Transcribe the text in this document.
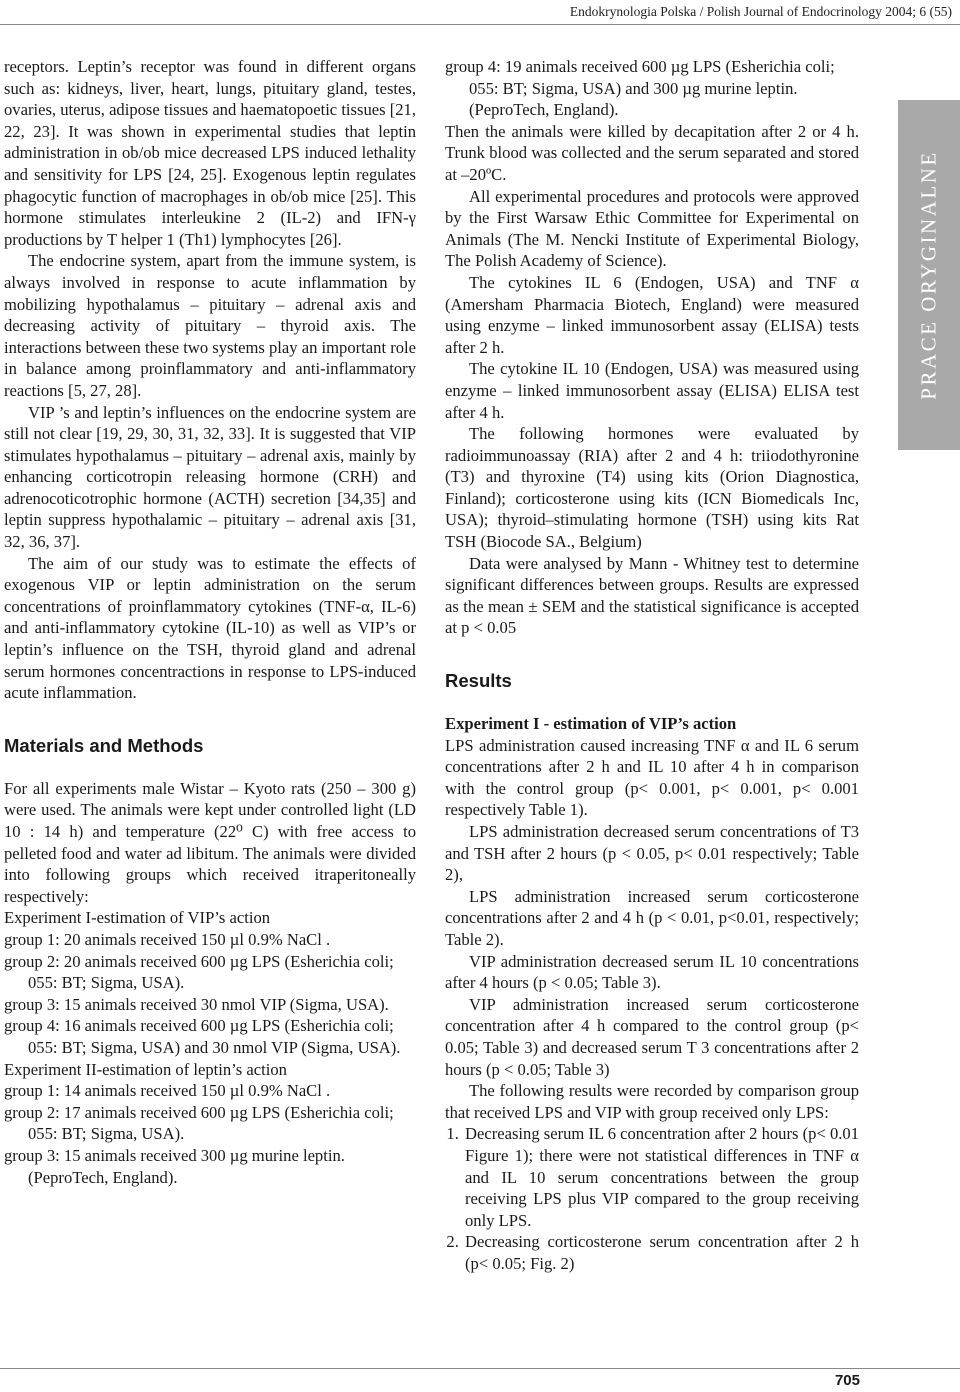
Endokrynologia Polska / Polish Journal of Endocrinology 2004; 6 (55)

receptors. Leptin’s receptor was found in different organs such as: kidneys, liver, heart, lungs, pituitary gland, testes, ovaries, uterus, adipose tissues and haematopoetic tissues [21, 22, 23]. It was shown in experimental studies that leptin administration in ob/ob mice decreased LPS induced lethality and sensitivity for LPS [24, 25]. Exogenous leptin regulates phagocytic function of macrophages in ob/ob mice [25]. This hormone stimulates interleukine 2 (IL-2) and IFN-γ productions by T helper 1 (Th1) lymphocytes [26].

The endocrine system, apart from the immune system, is always involved in response to acute inflammation by mobilizing hypothalamus – pituitary – adrenal axis and decreasing activity of pituitary – thyroid axis. The interactions between these two systems play an important role in balance among proinflammatory and anti-inflammatory reactions [5, 27, 28].

VIP ’s and leptin’s influences on the endocrine system are still not clear [19, 29, 30, 31, 32, 33]. It is suggested that VIP stimulates hypothalamus – pituitary – adrenal axis, mainly by enhancing corticotropin releasing hormone (CRH) and adrenocoticotrophic hormone (ACTH) secretion [34,35] and leptin suppress hypothalamic – pituitary – adrenal axis [31, 32, 36, 37].

The aim of our study was to estimate the effects of exogenous VIP or leptin administration on the serum concentrations of proinflammatory cytokines (TNF-α, IL-6) and anti-inflammatory cytokine (IL-10) as well as VIP’s or leptin’s influence on the TSH, thyroid gland and adrenal serum hormones concentractions in response to LPS-induced acute inflammation.

Materials and Methods

For all experiments male Wistar – Kyoto rats (250 – 300 g) were used. The animals were kept under controlled light (LD 10 : 14 h) and temperature (22⁰ C) with free access to pelleted food and water ad libitum. The animals were divided into following groups which received itraperitoneally respectively:

Experiment I-estimation of VIP’s action

group 1: 20 animals received 150 µl 0.9% NaCl .

group 2: 20 animals received 600 µg LPS (Esherichia coli; 055: BT; Sigma, USA).

group 3: 15 animals received 30 nmol VIP (Sigma, USA).

group 4: 16 animals received 600 µg LPS (Esherichia coli; 055: BT; Sigma, USA) and 30 nmol VIP (Sigma, USA).

Experiment II-estimation of leptin’s action

group 1: 14 animals received 150 µl 0.9% NaCl .

group 2: 17 animals received 600 µg LPS (Esherichia coli; 055: BT; Sigma, USA).

group 3: 15 animals received 300 µg murine leptin. (PeproTech, England).

group 4: 19 animals received 600 µg LPS (Esherichia coli; 055: BT; Sigma, USA) and 300 µg murine leptin. (PeproTech, England).

Then the animals were killed by decapitation after 2 or 4 h. Trunk blood was collected and the serum separated and stored at –20ºC.

All experimental procedures and protocols were approved by the First Warsaw Ethic Committee for Experimental on Animals (The M. Nencki Institute of Experimental Biology, The Polish Academy of Science).

The cytokines IL 6 (Endogen, USA) and TNF α (Amersham Pharmacia Biotech, England) were measured using enzyme – linked immunosorbent assay (ELISA) tests after 2 h.

The cytokine IL 10 (Endogen, USA) was measured using enzyme – linked immunosorbent assay (ELISA) ELISA test after 4 h.

The following hormones were evaluated by radioimmunoassay (RIA) after 2 and 4 h: triiodothyronine (T3) and thyroxine (T4) using kits (Orion Diagnostica, Finland); corticosterone using kits (ICN Biomedicals Inc, USA); thyroid–stimulating hormone (TSH) using kits Rat TSH (Biocode SA., Belgium)

Data were analysed by Mann - Whitney test to determine significant differences between groups. Results are expressed as the mean ± SEM and the statistical significance is accepted at p < 0.05

Results
Experiment I - estimation of VIP’s action

LPS administration caused increasing TNF α and IL 6 serum concentrations after 2 h and IL 10 after 4 h in comparison with the control group (p< 0.001, p< 0.001, p< 0.001 respectively Table 1).

LPS administration decreased serum concentrations of T3 and TSH after 2 hours (p < 0.05, p< 0.01 respectively; Table 2),

LPS administration increased serum corticosterone concentrations after 2 and 4 h (p < 0.01, p<0.01, respectively; Table 2).

VIP administration decreased serum IL 10 concentrations after 4 hours (p < 0.05; Table 3).

VIP administration increased serum corticosterone concentration after 4 h compared to the control group (p< 0.05; Table 3) and decreased serum T 3 concentrations after 2 hours (p < 0.05; Table 3)

The following results were recorded by comparison group that received LPS and VIP with group received only LPS:

1. Decreasing serum IL 6 concentration after 2 hours (p< 0.01 Figure 1); there were not statistical differences in TNF α and IL 10 serum concentrations between the group receiving LPS plus VIP compared to the group receiving only LPS.
2. Decreasing corticosterone serum concentration after 2 h (p< 0.05; Fig. 2)
PRACE ORYGINALNE
705
